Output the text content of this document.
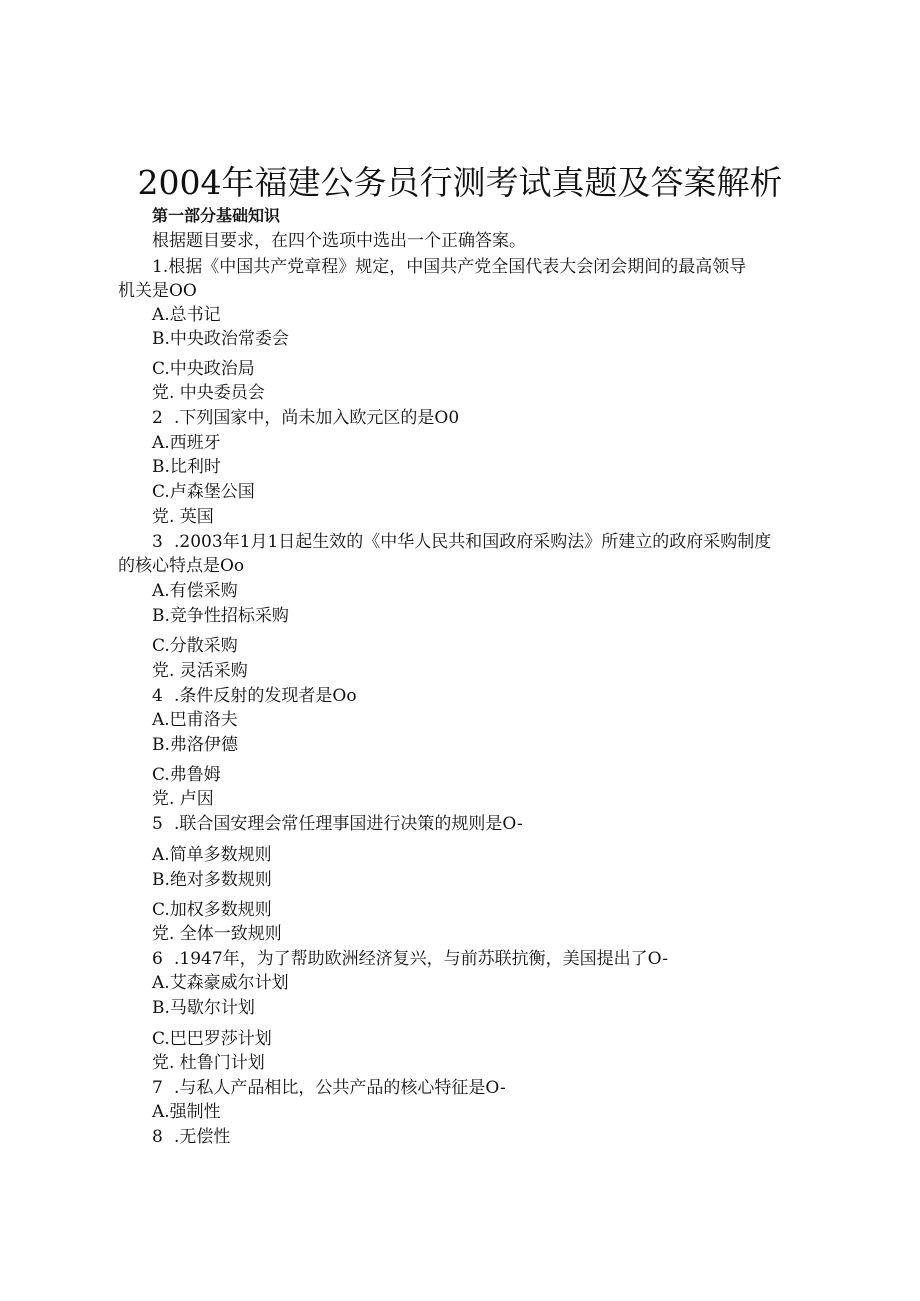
2004年福建公务员行测考试真题及答案解析
第一部分基础知识
根据题目要求，在四个选项中选出一个正确答案。
1.根据《中国共产党章程》规定，中国共产党全国代表大会闭会期间的最高领导
机关是OO
A.总书记
B.中央政治常委会
C.中央政治局
党. 中央委员会
2 .下列国家中，尚未加入欧元区的是O0
A.西班牙
B.比利时
C.卢森堡公国
党. 英国
3 .2003年1月1日起生效的《中华人民共和国政府采购法》所建立的政府采购制度
的核心特点是Oo
A.有偿采购
B.竞争性招标采购
C.分散采购
党. 灵活采购
4 .条件反射的发现者是Oo
A.巴甫洛夫
B.弗洛伊德
C.弗鲁姆
党. 卢因
5 .联合国安理会常任理事国进行决策的规则是O-
A.简单多数规则
B.绝对多数规则
C.加权多数规则
党. 全体一致规则
6 .1947年，为了帮助欧洲经济复兴，与前苏联抗衡，美国提出了O-
A.艾森豪威尔计划
B.马歇尔计划
C.巴巴罗莎计划
党. 杜鲁门计划
7 .与私人产品相比，公共产品的核心特征是O-
A.强制性
8 .无偿性
